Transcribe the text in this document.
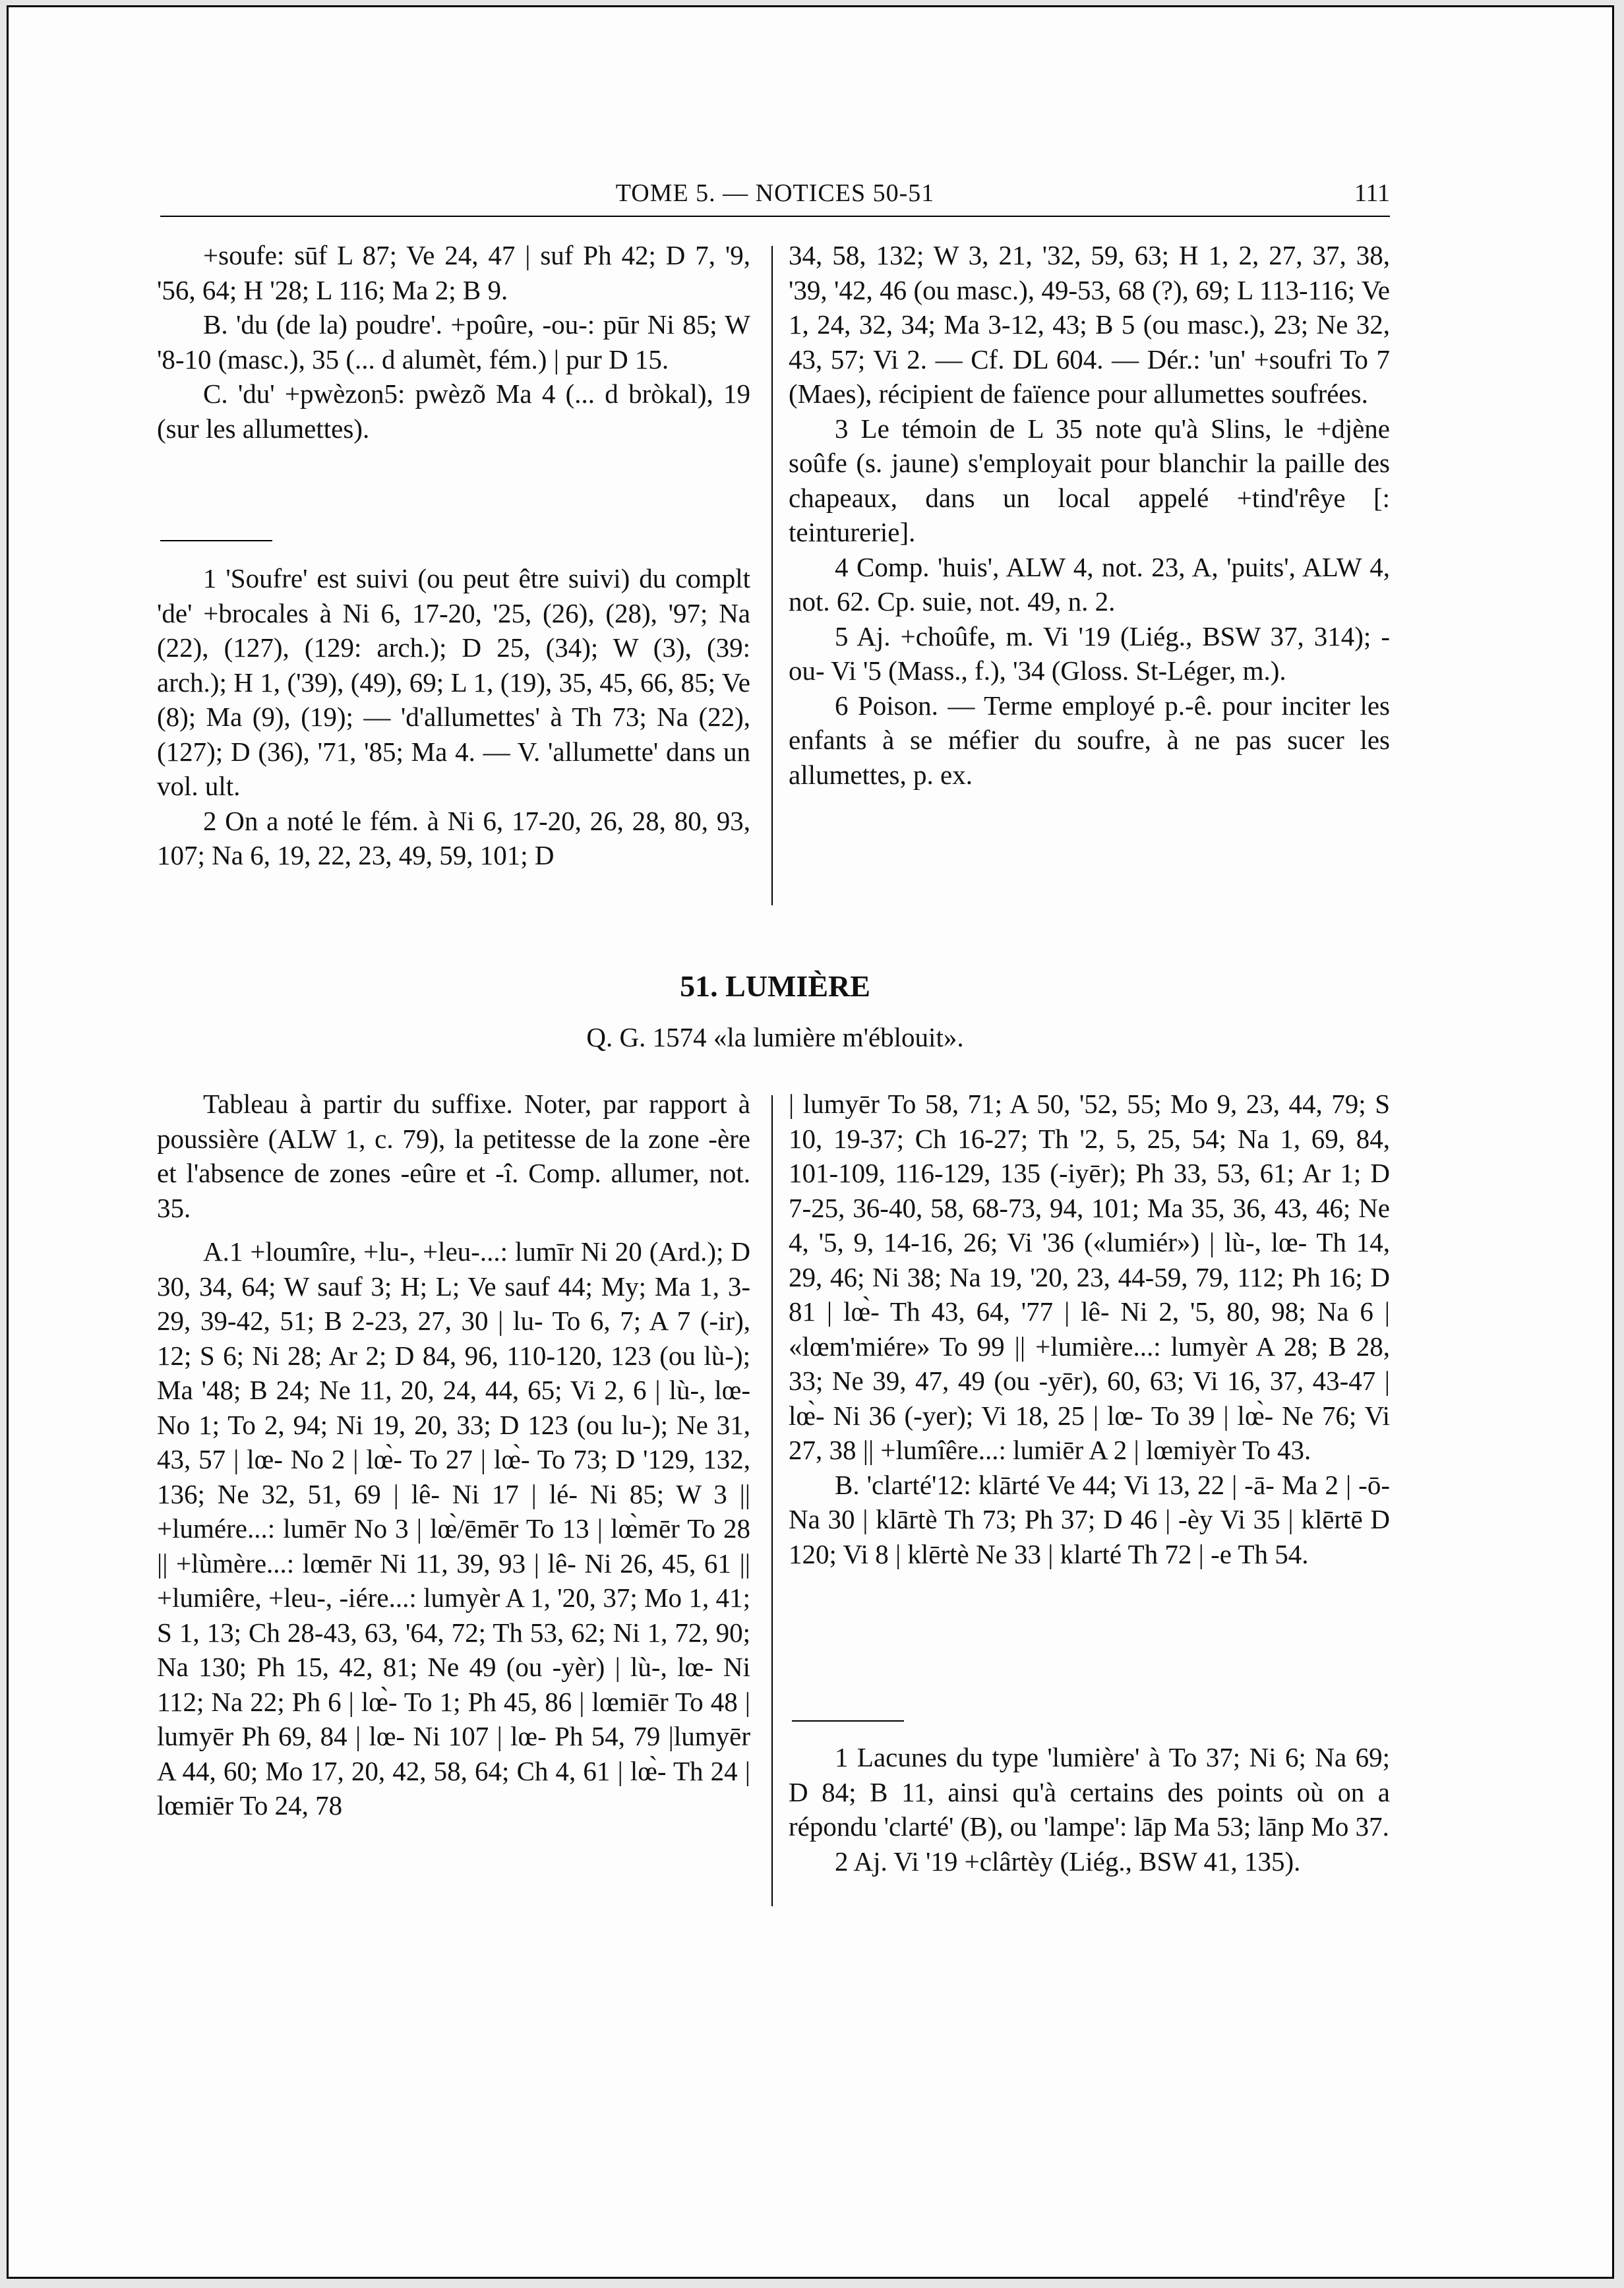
TOME 5. — NOTICES 50-51	111

+soufe: sūf L 87; Ve 24, 47 | suf Ph 42; D 7, '9, '56, 64; H '28; L 116; Ma 2; B 9.

B. 'du (de la) poudre'. +poûre, -ou-: pūr Ni 85; W '8-10 (masc.), 35 (... d alumèt, fém.) | pur D 15.

C. 'du' +pwèzon5: pwèzõ Ma 4 (... d bròkal), 19 (sur les allumettes).

1 'Soufre' est suivi (ou peut être suivi) du complt 'de' +brocales à Ni 6, 17-20, '25, (26), (28), '97; Na (22), (127), (129: arch.); D 25, (34); W (3), (39: arch.); H 1, ('39), (49), 69; L 1, (19), 35, 45, 66, 85; Ve (8); Ma (9), (19); — 'd'allumettes' à Th 73; Na (22), (127); D (36), '71, '85; Ma 4. — V. 'allumette' dans un vol. ult.

2 On a noté le fém. à Ni 6, 17-20, 26, 28, 80, 93, 107; Na 6, 19, 22, 23, 49, 59, 101; D

34, 58, 132; W 3, 21, '32, 59, 63; H 1, 2, 27, 37, 38, '39, '42, 46 (ou masc.), 49-53, 68 (?), 69; L 113-116; Ve 1, 24, 32, 34; Ma 3-12, 43; B 5 (ou masc.), 23; Ne 32, 43, 57; Vi 2. — Cf. DL 604. — Dér.: 'un' +soufri To 7 (Maes), récipient de faïence pour allumettes soufrées.

3 Le témoin de L 35 note qu'à Slins, le +djène soûfe (s. jaune) s'employait pour blanchir la paille des chapeaux, dans un local appelé +tind'rêye [: teinturerie].

4 Comp. 'huis', ALW 4, not. 23, A, 'puits', ALW 4, not. 62. Cp. suie, not. 49, n. 2.

5 Aj. +choûfe, m. Vi '19 (Liég., BSW 37, 314); -ou- Vi '5 (Mass., f.), '34 (Gloss. St-Léger, m.).

6 Poison. — Terme employé p.-ê. pour inciter les enfants à se méfier du soufre, à ne pas sucer les allumettes, p. ex.

51. LUMIÈRE
Q. G. 1574 «la lumière m'éblouit».

Tableau à partir du suffixe. Noter, par rapport à poussière (ALW 1, c. 79), la petitesse de la zone -ère et l'absence de zones -eûre et -î. Comp. allumer, not. 35.

A.1 +loumîre, +lu-, +leu-...: lumīr Ni 20 (Ard.); D 30, 34, 64; W sauf 3; H; L; Ve sauf 44; My; Ma 1, 3-29, 39-42, 51; B 2-23, 27, 30 | lu- To 6, 7; A 7 (-ir), 12; S 6; Ni 28; Ar 2; D 84, 96, 110-120, 123 (ou lù-); Ma '48; B 24; Ne 11, 20, 24, 44, 65; Vi 2, 6 | lù-, lœ- No 1; To 2, 94; Ni 19, 20, 33; D 123 (ou lu-); Ne 31, 43, 57 | lœ- No 2 | lœ̀- To 27 | lœ̀- To 73; D '129, 132, 136; Ne 32, 51, 69 | lê- Ni 17 | lé- Ni 85; W 3 || +lumére...: lumēr No 3 | lœ̀/ēmēr To 13 | lœ̀mēr To 28 || +lùmère...: lœmēr Ni 11, 39, 93 | lê- Ni 26, 45, 61 || +lumiêre, +leu-, -iére...: lumyèr A 1, '20, 37; Mo 1, 41; S 1, 13; Ch 28-43, 63, '64, 72; Th 53, 62; Ni 1, 72, 90; Na 130; Ph 15, 42, 81; Ne 49 (ou -yèr) | lù-, lœ- Ni 112; Na 22; Ph 6 | lœ̀- To 1; Ph 45, 86 | lœmiēr To 48 | lumyēr Ph 69, 84 | lœ- Ni 107 | lœ- Ph 54, 79 |lumyēr A 44, 60; Mo 17, 20, 42, 58, 64; Ch 4, 61 | lœ̀- Th 24 | lœmiēr To 24, 78

| lumyēr To 58, 71; A 50, '52, 55; Mo 9, 23, 44, 79; S 10, 19-37; Ch 16-27; Th '2, 5, 25, 54; Na 1, 69, 84, 101-109, 116-129, 135 (-iyēr); Ph 33, 53, 61; Ar 1; D 7-25, 36-40, 58, 68-73, 94, 101; Ma 35, 36, 43, 46; Ne 4, '5, 9, 14-16, 26; Vi '36 («lumiér») | lù-, lœ- Th 14, 29, 46; Ni 38; Na 19, '20, 23, 44-59, 79, 112; Ph 16; D 81 | lœ̀- Th 43, 64, '77 | lê- Ni 2, '5, 80, 98; Na 6 | «lœm'miére» To 99 || +lumière...: lumyèr A 28; B 28, 33; Ne 39, 47, 49 (ou -yēr), 60, 63; Vi 16, 37, 43-47 | lœ̀- Ni 36 (-yer); Vi 18, 25 | lœ- To 39 | lœ̀- Ne 76; Vi 27, 38 || +lumîêre...: lumiēr A 2 | lœmiyèr To 43.

B. 'clarté'12: klārté Ve 44; Vi 13, 22 | -ā- Ma 2 | -ō- Na 30 | klārtè Th 73; Ph 37; D 46 | -èy Vi 35 | klērtē D 120; Vi 8 | klērtè Ne 33 | klarté Th 72 | -e Th 54.

1 Lacunes du type 'lumière' à To 37; Ni 6; Na 69; D 84; B 11, ainsi qu'à certains des points où on a répondu 'clarté' (B), ou 'lampe': lāp Ma 53; lānp Mo 37.

2 Aj. Vi '19 +clârtèy (Liég., BSW 41, 135).
